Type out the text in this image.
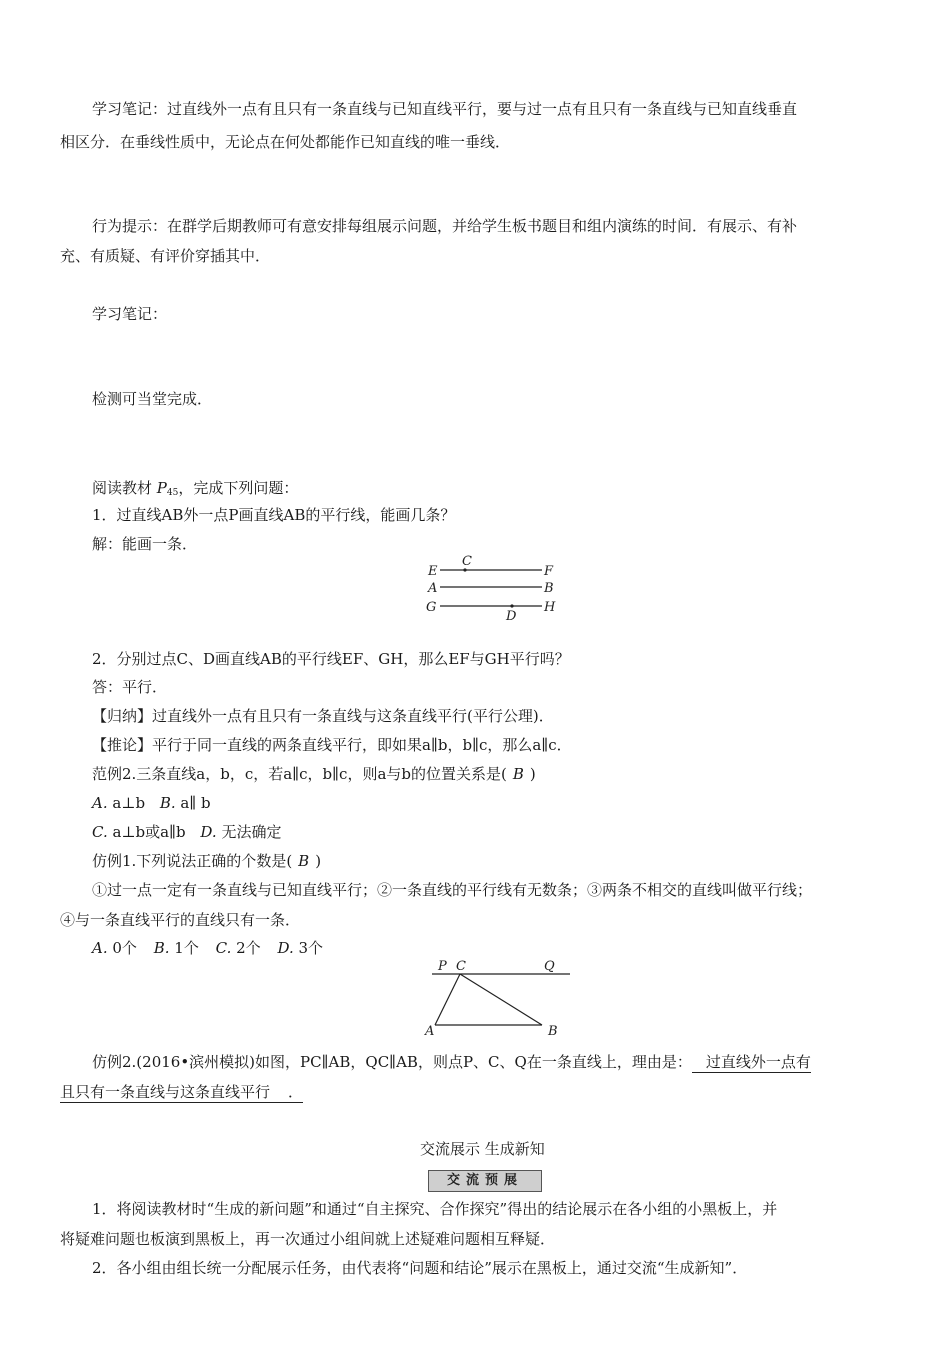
学习笔记：过直线外一点有且只有一条直线与已知直线平行，要与过一点有且只有一条直线与已知直线垂直
相区分．在垂线性质中，无论点在何处都能作已知直线的唯一垂线．
行为提示：在群学后期教师可有意安排每组展示问题，并给学生板书题目和组内演练的时间．有展示、有补
充、有质疑、有评价穿插其中．
学习笔记：
检测可当堂完成．
阅读教材 $P_{45}$，完成下列问题：
1．过直线AB外一点P画直线AB的平行线，能画几条？
解：能画一条．
E	F
C
A	B
G	H
D
2．分别过点C、D画直线AB的平行线EF、GH，那么EF与GH平行吗？
答：平行．
【归纳】过直线外一点有且只有一条直线与这条直线平行(平行公理)．
【推论】平行于同一直线的两条直线平行，即如果a∥b，b∥c，那么a∥c．
范例2.三条直线a，b，c，若a∥c，b∥c，则a与b的位置关系是( B )
A. a⊥b B. a∥ b
C. a⊥b或a∥b D. 无法确定
仿例1.下列说法正确的个数是( B )
①过一点一定有一条直线与已知直线平行；②一条直线的平行线有无数条；③两条不相交的直线叫做平行线；
④与一条直线平行的直线只有一条．
A. 0个 B. 1个 C. 2个 D. 3个
P C	Q
A	B
仿例2.(2016•滨州模拟)如图，PC∥AB，QC∥AB，则点P、C、Q在一条直线上，理由是： 过直线外一点有
且只有一条直线与这条直线平行 ．
交流展示 生成新知
交流预展
1．将阅读教材时“生成的新问题”和通过“自主探究、合作探究”得出的结论展示在各小组的小黑板上，并
将疑难问题也板演到黑板上，再一次通过小组间就上述疑难问题相互释疑．
2．各小组由组长统一分配展示任务，由代表将“问题和结论”展示在黑板上，通过交流“生成新知”．
